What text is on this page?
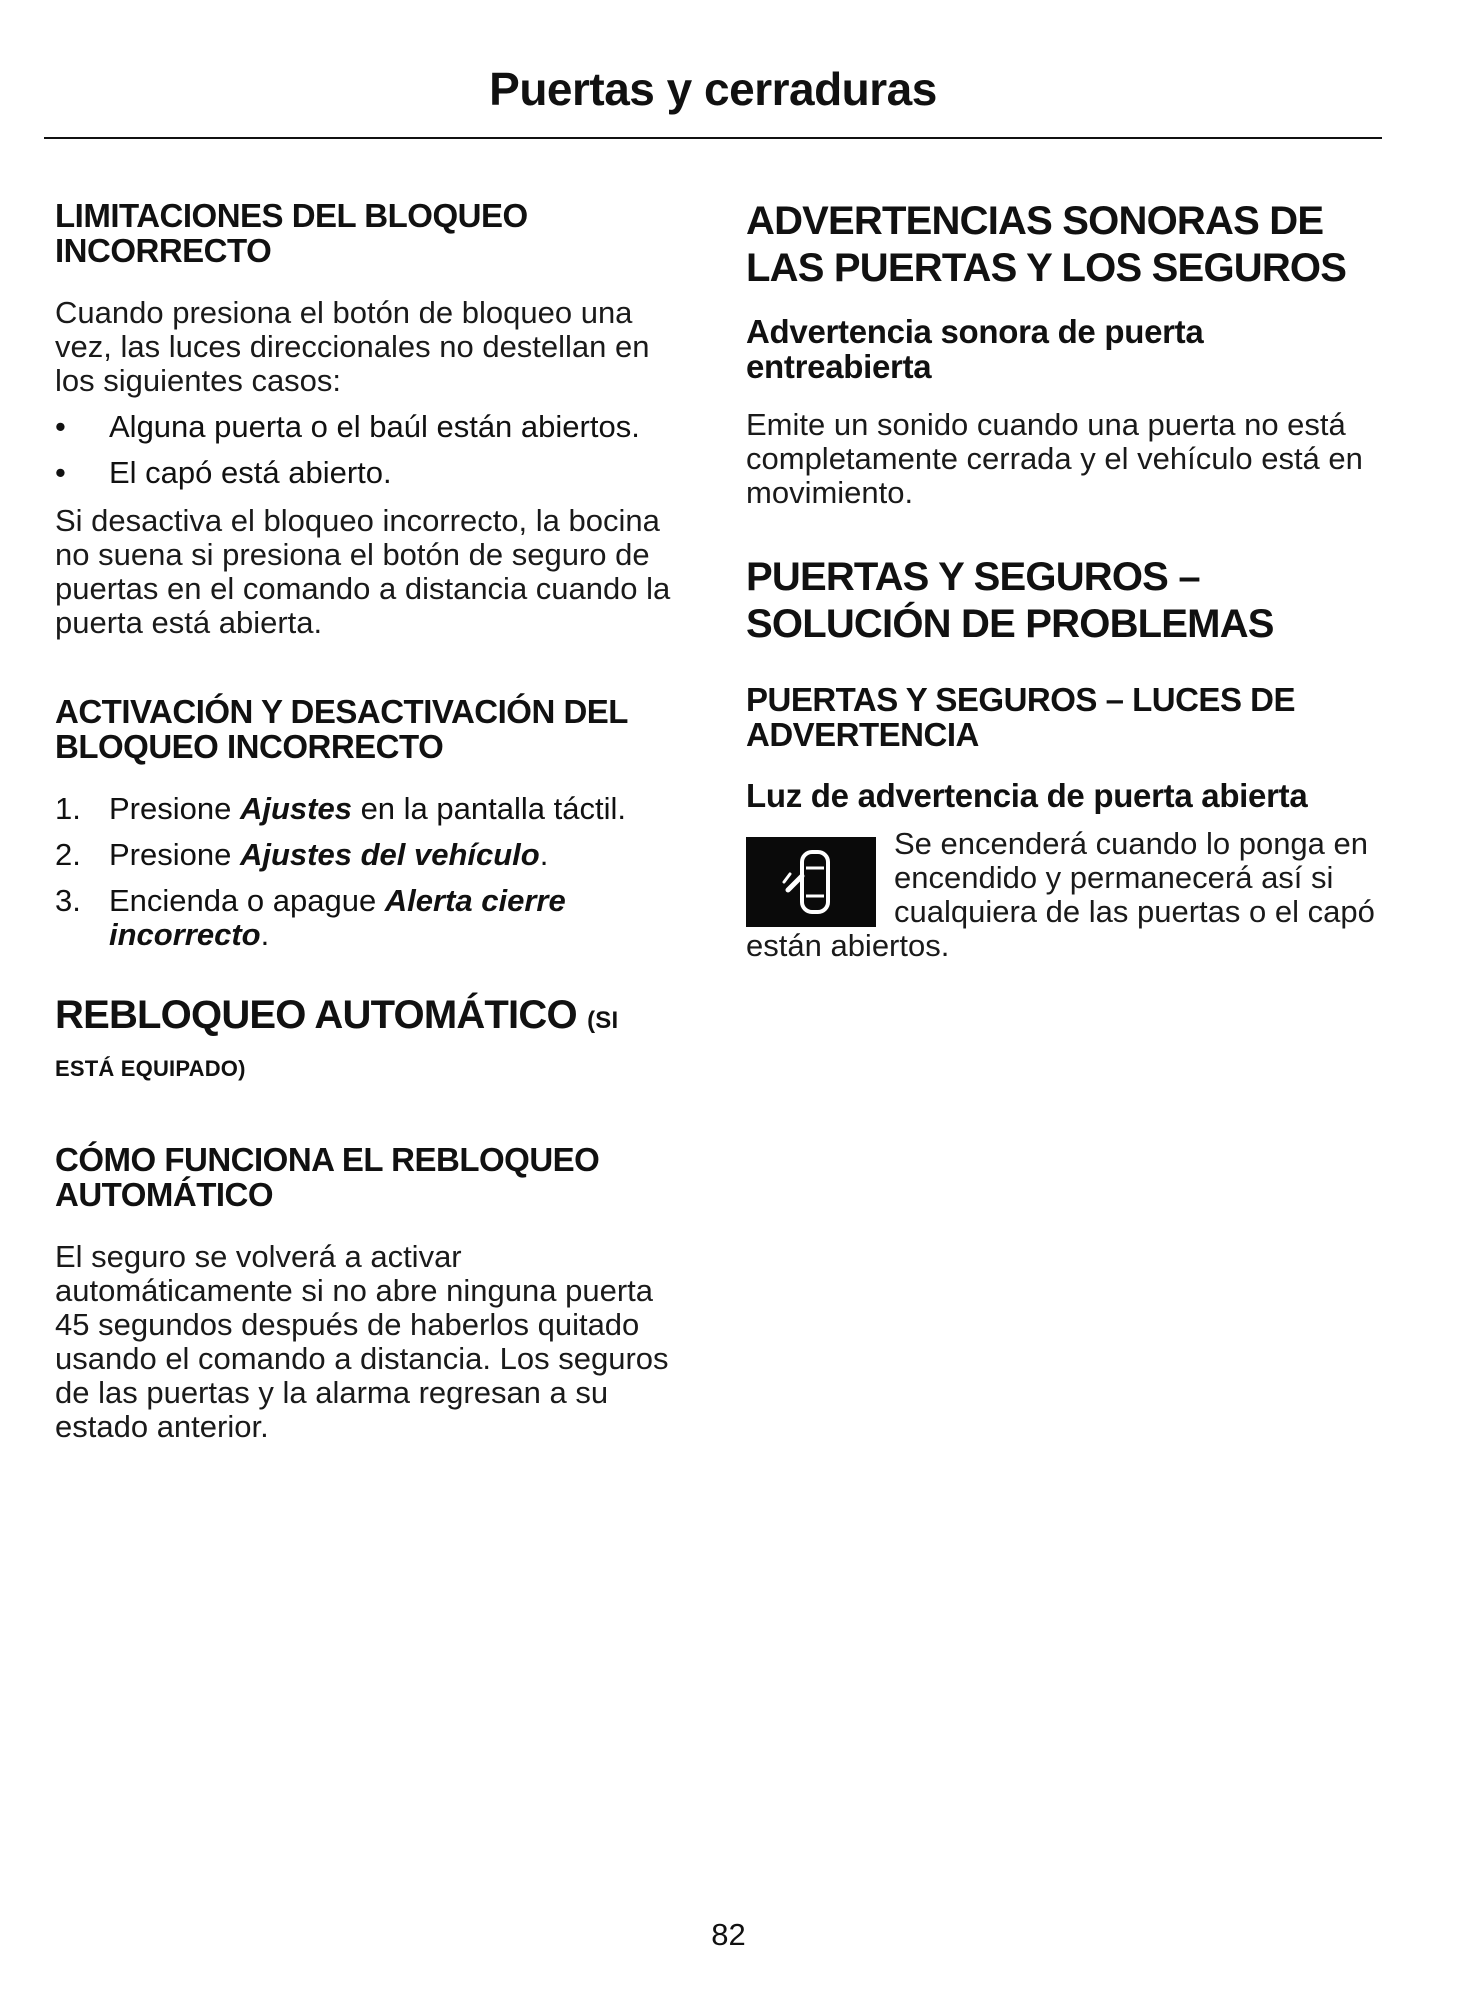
Puertas y cerraduras
LIMITACIONES DEL BLOQUEO INCORRECTO

Cuando presiona el botón de bloqueo una vez, las luces direccionales no destellan en los siguientes casos:

• Alguna puerta o el baúl están abiertos.
• El capó está abierto.

Si desactiva el bloqueo incorrecto, la bocina no suena si presiona el botón de seguro de puertas en el comando a distancia cuando la puerta está abierta.

ACTIVACIÓN Y DESACTIVACIÓN DEL BLOQUEO INCORRECTO
1. Presione Ajustes en la pantalla táctil.
2. Presione Ajustes del vehículo.
3. Encienda o apague Alerta cierre incorrecto.
REBLOQUEO AUTOMÁTICO (SI
ESTÁ EQUIPADO)
CÓMO FUNCIONA EL REBLOQUEO AUTOMÁTICO

El seguro se volverá a activar automáticamente si no abre ninguna puerta 45 segundos después de haberlos quitado usando el comando a distancia. Los seguros de las puertas y la alarma regresan a su estado anterior.

ADVERTENCIAS SONORAS DE LAS PUERTAS Y LOS SEGUROS
Advertencia sonora de puerta entreabierta

Emite un sonido cuando una puerta no está completamente cerrada y el vehículo está en movimiento.

PUERTAS Y SEGUROS – SOLUCIÓN DE PROBLEMAS
PUERTAS Y SEGUROS – LUCES DE ADVERTENCIA
Luz de advertencia de puerta abierta

Se encenderá cuando lo ponga en encendido y permanecerá así si cualquiera de las puertas o el capó están abiertos.

82
